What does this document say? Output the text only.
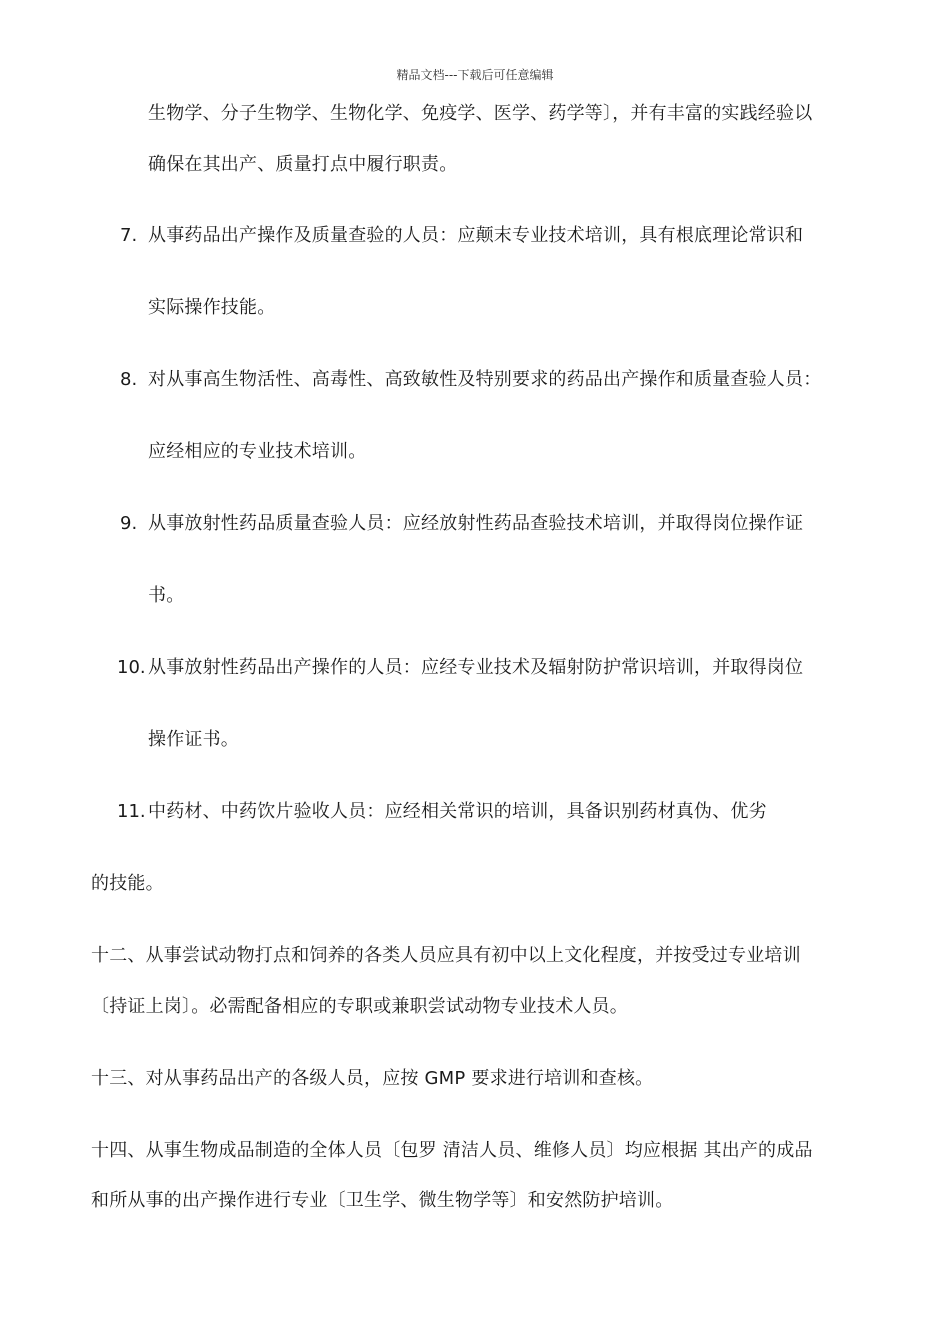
精品文档---下载后可任意编辑
生物学、分子生物学、生物化学、免疫学、医学、药学等〕，并有丰富的实践经验以
确保在其出产、质量打点中履行职责。
7. 从事药品出产操作及质量查验的人员：应颠末专业技术培训，具有根底理论常识和
实际操作技能。
8. 对从事高生物活性、高毒性、高致敏性及特别要求的药品出产操作和质量查验人员：
应经相应的专业技术培训。
9. 从事放射性药品质量查验人员：应经放射性药品查验技术培训，并取得岗位操作证
书。
10. 从事放射性药品出产操作的人员：应经专业技术及辐射防护常识培训，并取得岗位
操作证书。
11. 中药材、中药饮片验收人员：应经相关常识的培训，具备识别药材真伪、优劣
的技能。
十二、从事尝试动物打点和饲养的各类人员应具有初中以上文化程度，并按受过专业培训
〔持证上岗〕。必需配备相应的专职或兼职尝试动物专业技术人员。
十三、对从事药品出产的各级人员，应按 GMP 要求进行培训和查核。
十四、从事生物成品制造的全体人员〔包罗 清洁人员、维修人员〕均应根据 其出产的成品
和所从事的出产操作进行专业〔卫生学、微生物学等〕和安然防护培训。
